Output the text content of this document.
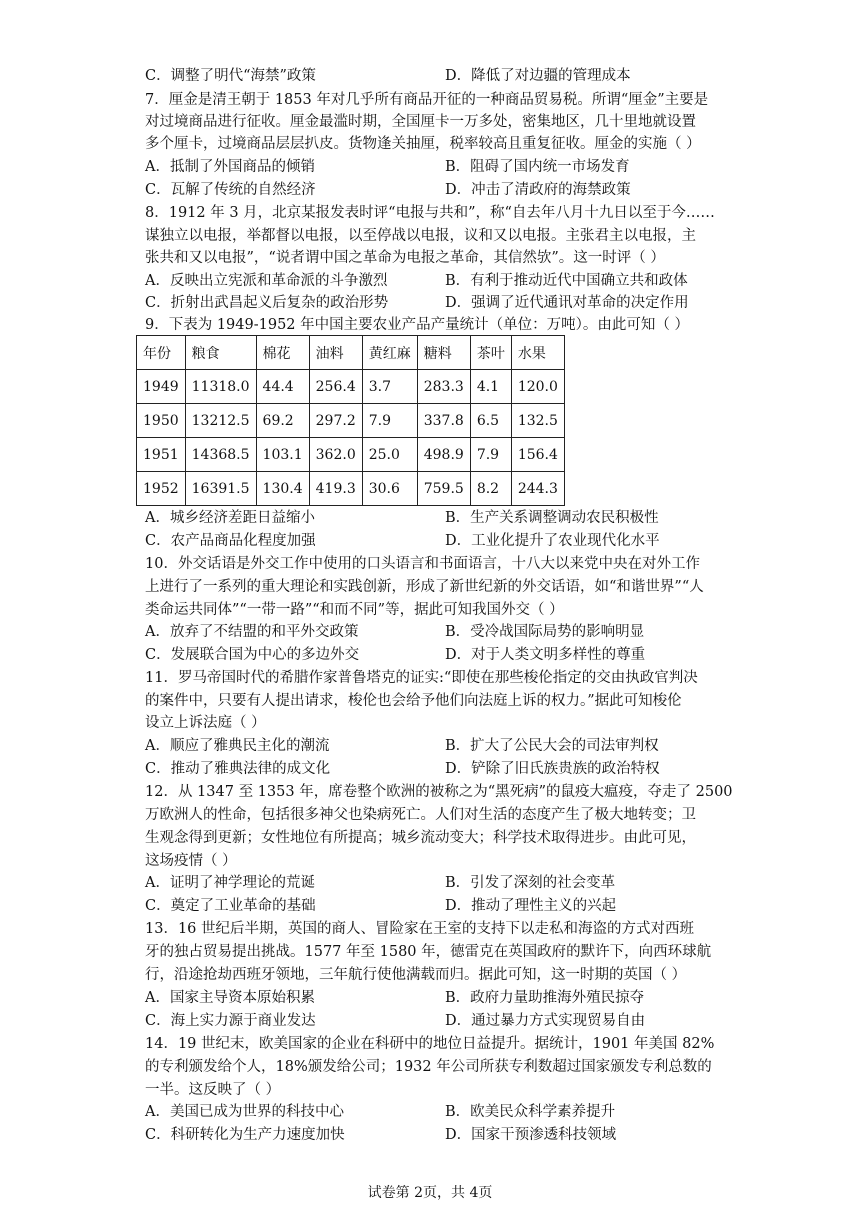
C．调整了明代“海禁”政策	D．降低了对边疆的管理成本
7．厘金是清王朝于 1853 年对几乎所有商品开征的一种商品贸易税。所谓“厘金”主要是
对过境商品进行征收。厘金最滥时期，全国厘卡一万多处，密集地区，几十里地就设置
多个厘卡，过境商品层层扒皮。货物逢关抽厘，税率较高且重复征收。厘金的实施（ ）
A．抵制了外国商品的倾销	B．阻碍了国内统一市场发育
C．瓦解了传统的自然经济	D．冲击了清政府的海禁政策
8．1912 年 3 月，北京某报发表时评“电报与共和”，称“自去年八月十九日以至于今……
谋独立以电报，举都督以电报，以至停战以电报，议和又以电报。主张君主以电报，主
张共和又以电报”，“说者谓中国之革命为电报之革命，其信然欤”。这一时评（ ）
A．反映出立宪派和革命派的斗争激烈	B．有利于推动近代中国确立共和政体
C．折射出武昌起义后复杂的政治形势	D．强调了近代通讯对革命的决定作用
9．下表为 1949-1952 年中国主要农业产品产量统计（单位：万吨）。由此可知（ ）
年份	粮食	棉花	油料	黄红麻	糖料	茶叶	水果
1949	11318.0	44.4	256.4	3.7	283.3	4.1	120.0
1950	13212.5	69.2	297.2	7.9	337.8	6.5	132.5
1951	14368.5	103.1	362.0	25.0	498.9	7.9	156.4
1952	16391.5	130.4	419.3	30.6	759.5	8.2	244.3
A．城乡经济差距日益缩小	B．生产关系调整调动农民积极性
C．农产品商品化程度加强	D．工业化提升了农业现代化水平
10．外交话语是外交工作中使用的口头语言和书面语言，十八大以来党中央在对外工作
上进行了一系列的重大理论和实践创新，形成了新世纪新的外交话语，如“和谐世界”“人
类命运共同体”“一带一路”“和而不同”等，据此可知我国外交（ ）
A．放弃了不结盟的和平外交政策	B．受冷战国际局势的影响明显
C．发展联合国为中心的多边外交	D．对于人类文明多样性的尊重
11．罗马帝国时代的希腊作家普鲁塔克的证实:“即使在那些梭伦指定的交由执政官判决
的案件中，只要有人提出请求，梭伦也会给予他们向法庭上诉的权力。”据此可知梭伦
设立上诉法庭（ ）
A．顺应了雅典民主化的潮流	B．扩大了公民大会的司法审判权
C．推动了雅典法律的成文化	D．铲除了旧氏族贵族的政治特权
12．从 1347 至 1353 年，席卷整个欧洲的被称之为“黑死病”的鼠疫大瘟疫，夺走了 2500
万欧洲人的性命，包括很多神父也染病死亡。人们对生活的态度产生了极大地转变；卫
生观念得到更新；女性地位有所提高；城乡流动变大；科学技术取得进步。由此可见，
这场疫情（ ）
A．证明了神学理论的荒诞	B．引发了深刻的社会变革
C．奠定了工业革命的基础	D．推动了理性主义的兴起
13．16 世纪后半期，英国的商人、冒险家在王室的支持下以走私和海盗的方式对西班
牙的独占贸易提出挑战。1577 年至 1580 年，德雷克在英国政府的默许下，向西环球航
行，沿途抢劫西班牙领地，三年航行使他满载而归。据此可知，这一时期的英国（ ）
A．国家主导资本原始积累	B．政府力量助推海外殖民掠夺
C．海上实力源于商业发达	D．通过暴力方式实现贸易自由
14．19 世纪末，欧美国家的企业在科研中的地位日益提升。据统计，1901 年美国 82%
的专利颁发给个人，18%颁发给公司；1932 年公司所获专利数超过国家颁发专利总数的
一半。这反映了（ ）
A．美国已成为世界的科技中心	B．欧美民众科学素养提升
C．科研转化为生产力速度加快	D．国家干预渗透科技领域
试卷第 2页，共 4页
